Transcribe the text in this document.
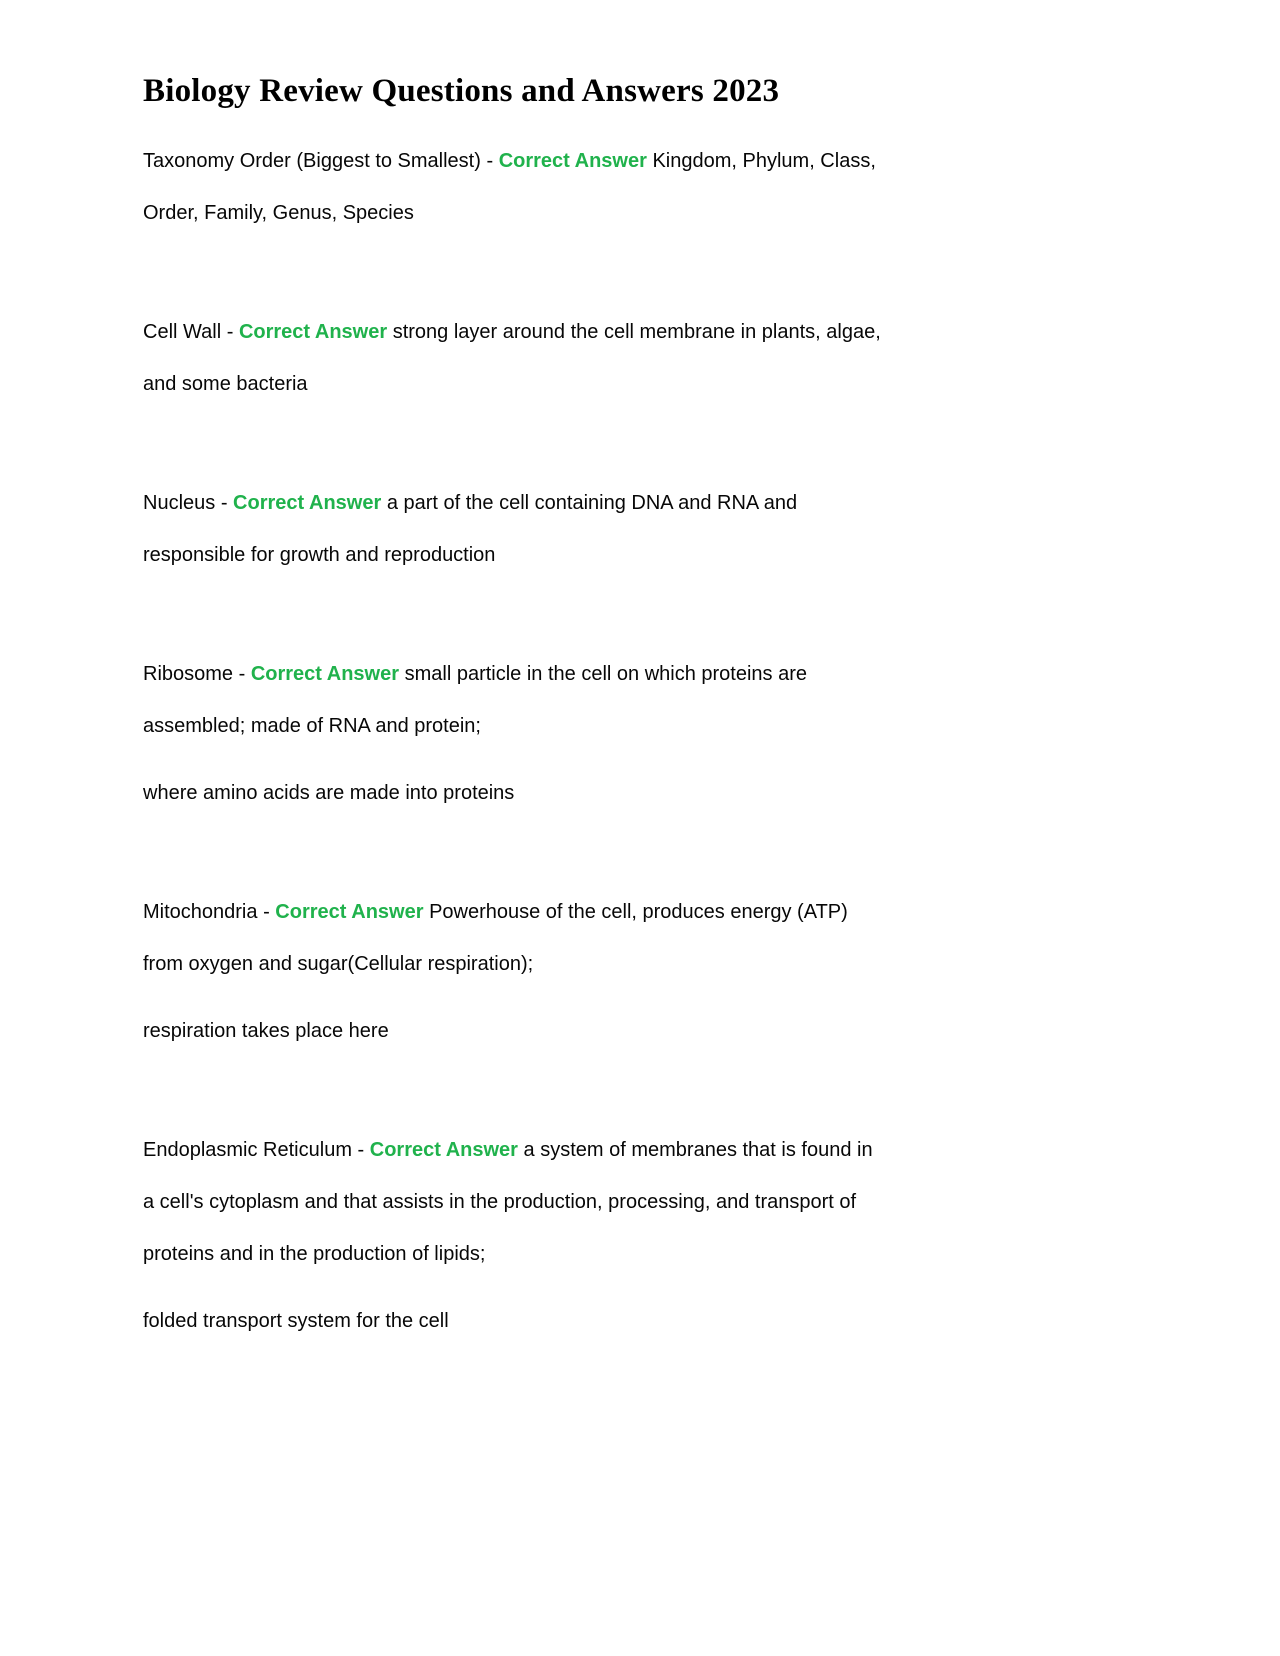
Biology Review Questions and Answers 2023

Taxonomy Order (Biggest to Smallest) - Correct Answer Kingdom, Phylum, Class,
Order, Family, Genus, Species

Cell Wall - Correct Answer strong layer around the cell membrane in plants, algae,
and some bacteria

Nucleus - Correct Answer a part of the cell containing DNA and RNA and
responsible for growth and reproduction

Ribosome - Correct Answer small particle in the cell on which proteins are
assembled; made of RNA and protein;

where amino acids are made into proteins

Mitochondria - Correct Answer Powerhouse of the cell, produces energy (ATP)
from oxygen and sugar(Cellular respiration);

respiration takes place here

Endoplasmic Reticulum - Correct Answer a system of membranes that is found in
a cell's cytoplasm and that assists in the production, processing, and transport of
proteins and in the production of lipids;

folded transport system for the cell
